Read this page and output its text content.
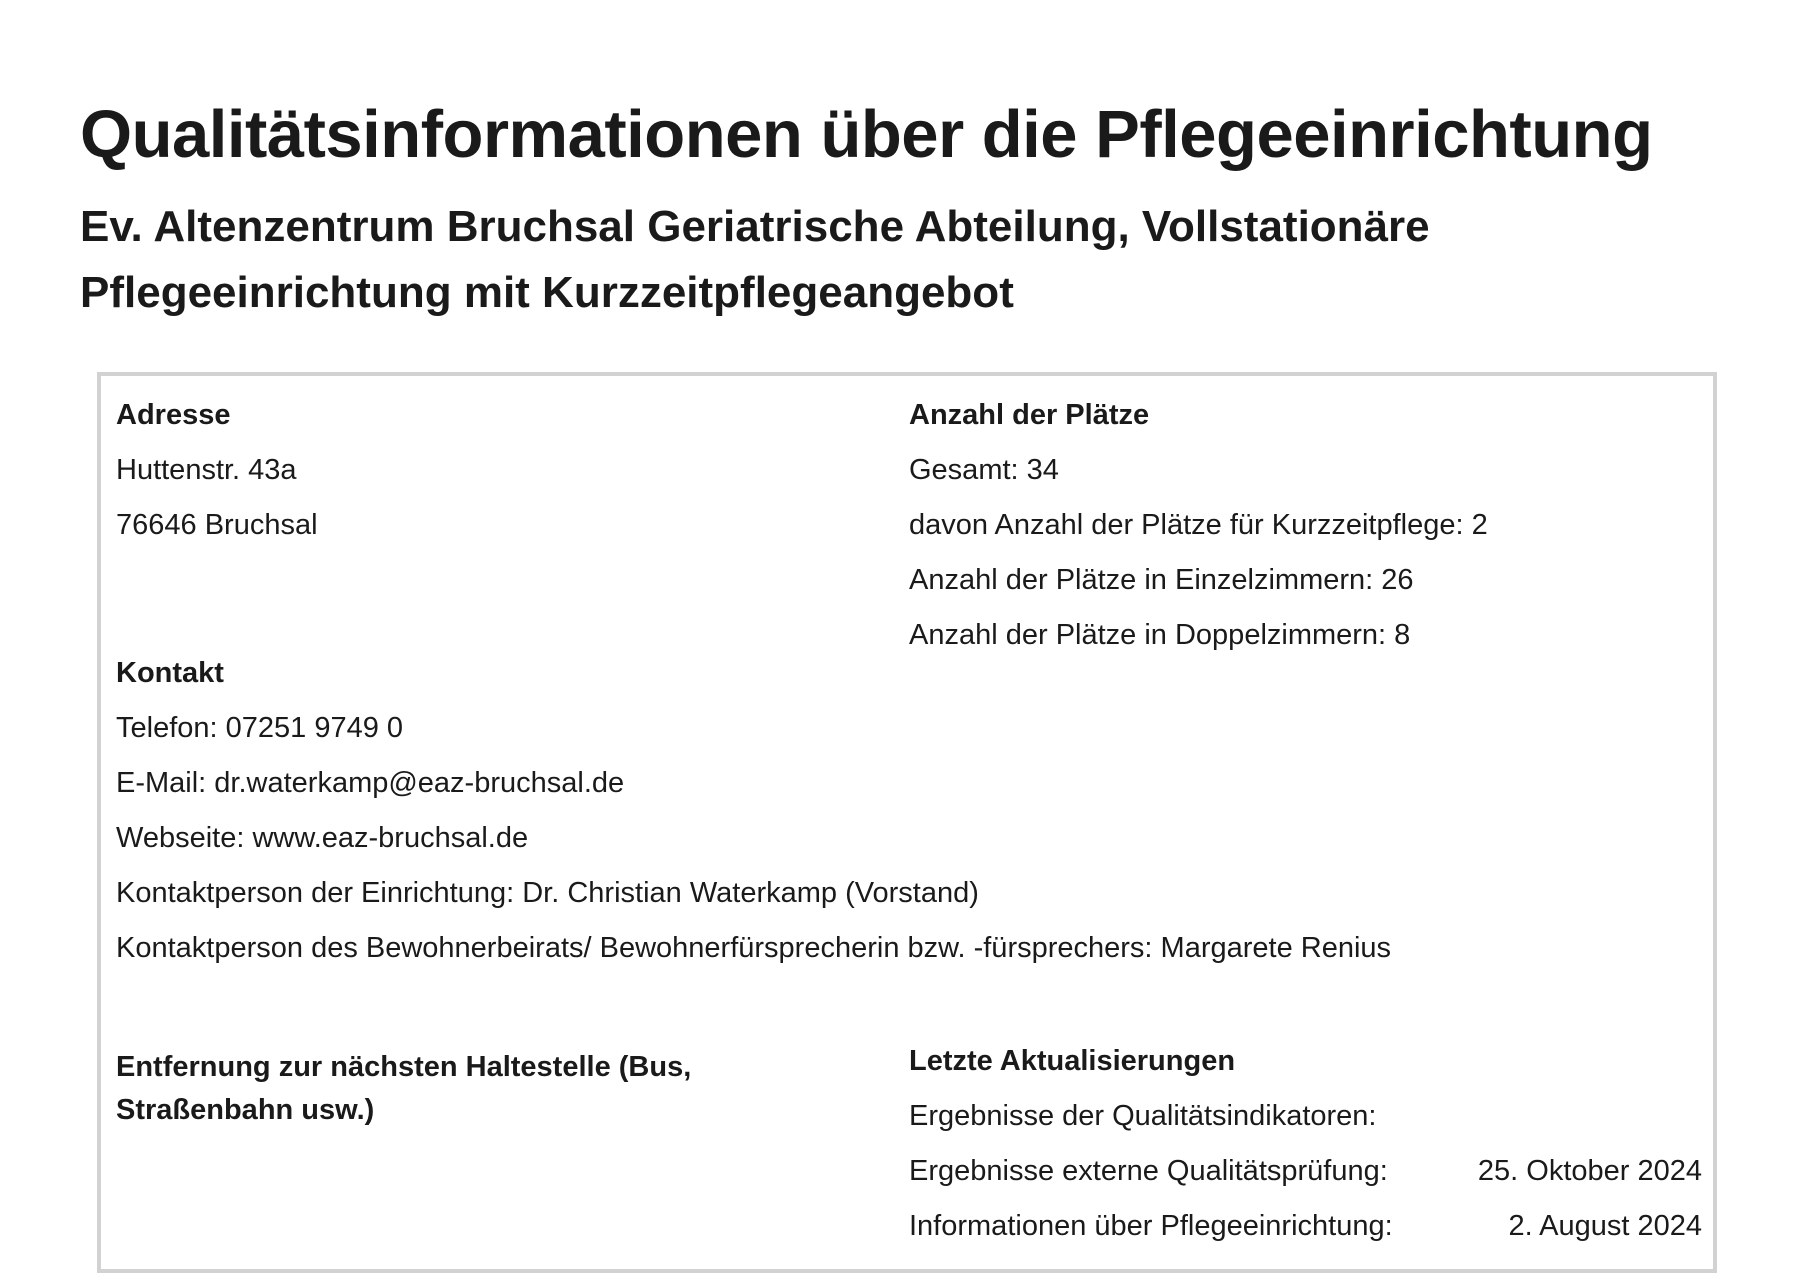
Qualitätsinformationen über die Pflegeeinrichtung
Ev. Altenzentrum Bruchsal Geriatrische Abteilung, Vollstationäre
Pflegeeinrichtung mit Kurzzeitpflegeangebot
Adresse
Huttenstr. 43a
76646 Bruchsal
Anzahl der Plätze
Gesamt: 34
davon Anzahl der Plätze für Kurzzeitpflege: 2
Anzahl der Plätze in Einzelzimmern: 26
Anzahl der Plätze in Doppelzimmern: 8
Kontakt
Telefon: 07251 9749 0
E-Mail: dr.waterkamp@eaz-bruchsal.de
Webseite: www.eaz-bruchsal.de
Kontaktperson der Einrichtung: Dr. Christian Waterkamp (Vorstand)
Kontaktperson des Bewohnerbeirats/ Bewohnerfürsprecherin bzw. -fürsprechers: Margarete Renius
Entfernung zur nächsten Haltestelle (Bus, Straßenbahn usw.)
Letzte Aktualisierungen
Ergebnisse der Qualitätsindikatoren:
Ergebnisse externe Qualitätsprüfung:	25. Oktober 2024
Informationen über Pflegeeinrichtung:	2. August 2024
